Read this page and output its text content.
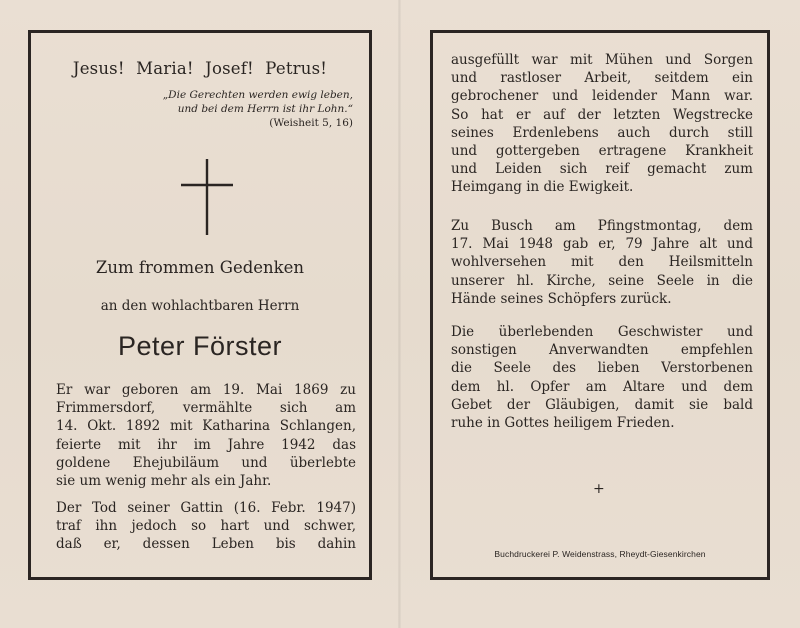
Jesus! Maria! Josef! Petrus!
„Die Gerechten werden ewig leben,
und bei dem Herrn ist ihr Lohn.“
(Weisheit 5, 16)
Zum frommen Gedenken
an den wohlachtbaren Herrn
Peter Förster
Er war geboren am 19. Mai 1869 zu
Frimmersdorf, vermählte sich am
14. Okt. 1892 mit Katharina Schlangen,
feierte mit ihr im Jahre 1942 das
goldene Ehejubiläum und überlebte
sie um wenig mehr als ein Jahr.
Der Tod seiner Gattin (16. Febr. 1947)
traf ihn jedoch so hart und schwer,
daß er, dessen Leben bis dahin
ausgefüllt war mit Mühen und Sorgen
und rastloser Arbeit, seitdem ein
gebrochener und leidender Mann war.
So hat er auf der letzten Wegstrecke
seines Erdenlebens auch durch still
und gottergeben ertragene Krankheit
und Leiden sich reif gemacht zum
Heimgang in die Ewigkeit.
Zu Busch am Pfingstmontag, dem
17. Mai 1948 gab er, 79 Jahre alt und
wohlversehen mit den Heilsmitteln
unserer hl. Kirche, seine Seele in die
Hände seines Schöpfers zurück.
Die überlebenden Geschwister und
sonstigen Anverwandten empfehlen
die Seele des lieben Verstorbenen
dem hl. Opfer am Altare und dem
Gebet der Gläubigen, damit sie bald
ruhe in Gottes heiligem Frieden.
+
Buchdruckerei P. Weidenstrass, Rheydt-Giesenkirchen
